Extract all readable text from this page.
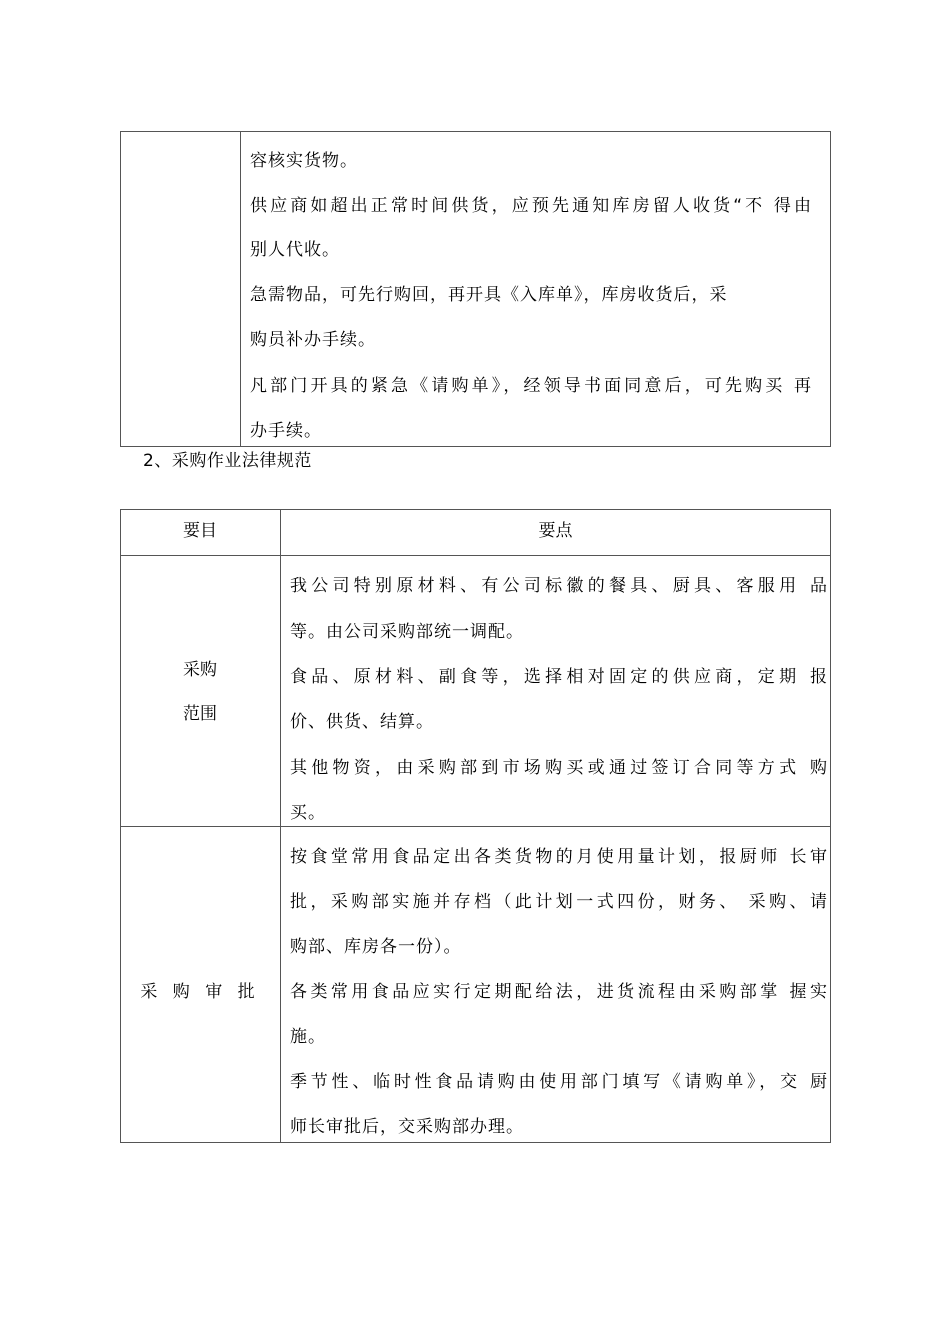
容核实货物。
供应商如超出正常时间供货，应预先通知库房留人收货“不 得由
别人代收。
急需物品，可先行购回，再开具《入库单》，库房收货后，采
购员补办手续。
凡部门开具的紧急《请购单》，经领导书面同意后，可先购买 再
办手续。
2、采购作业法律规范
要目	要点
采购
范围
我公司特别原材料、有公司标徽的餐具、厨具、客服用 品
等。由公司采购部统一调配。
食品、原材料、副食等，选择相对固定的供应商，定期 报
价、供货、结算。
其他物资，由采购部到市场购买或通过签订合同等方式 购
买。
采 购 审 批
按食堂常用食品定出各类货物的月使用量计划，报厨师 长审
批，采购部实施并存档（此计划一式四份，财务、 采购、请
购部、库房各一份）。
各类常用食品应实行定期配给法，进货流程由采购部掌 握实
施。
季节性、临时性食品请购由使用部门填写《请购单》，交 厨
师长审批后，交采购部办理。
